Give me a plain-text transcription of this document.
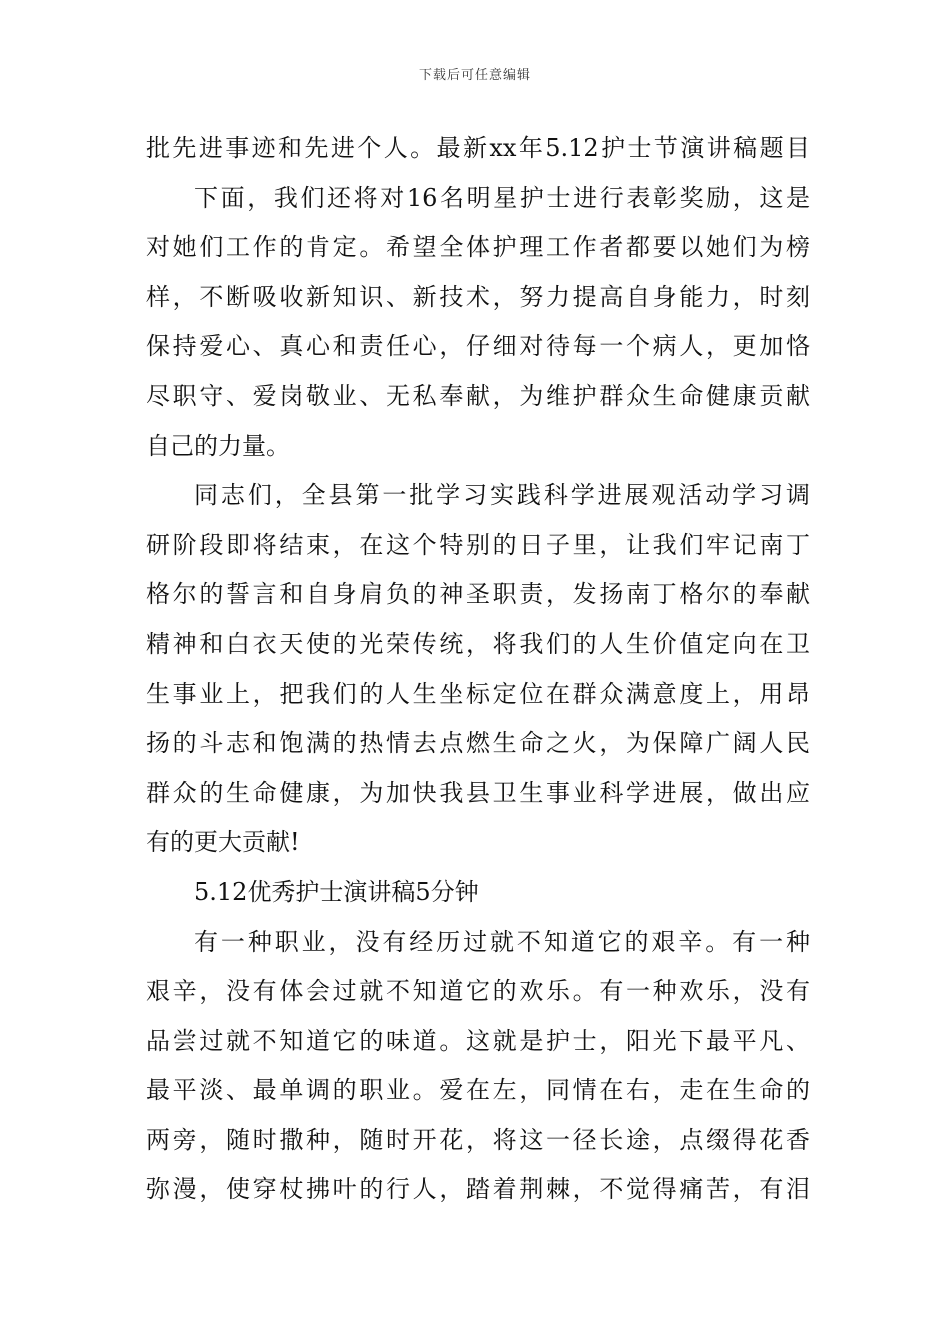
下载后可任意编辑
批先进事迹和先进个人。最新xx年5.12护士节演讲稿题目
下面，我们还将对16名明星护士进行表彰奖励，这是
对她们工作的肯定。希望全体护理工作者都要以她们为榜
样，不断吸收新知识、新技术，努力提高自身能力，时刻
保持爱心、真心和责任心，仔细对待每一个病人，更加恪
尽职守、爱岗敬业、无私奉献，为维护群众生命健康贡献
自己的力量。
同志们，全县第一批学习实践科学进展观活动学习调
研阶段即将结束，在这个特别的日子里，让我们牢记南丁
格尔的誓言和自身肩负的神圣职责，发扬南丁格尔的奉献
精神和白衣天使的光荣传统，将我们的人生价值定向在卫
生事业上，把我们的人生坐标定位在群众满意度上，用昂
扬的斗志和饱满的热情去点燃生命之火，为保障广阔人民
群众的生命健康，为加快我县卫生事业科学进展，做出应
有的更大贡献!
5.12优秀护士演讲稿5分钟
有一种职业，没有经历过就不知道它的艰辛。有一种
艰辛，没有体会过就不知道它的欢乐。有一种欢乐，没有
品尝过就不知道它的味道。这就是护士，阳光下最平凡、
最平淡、最单调的职业。爱在左，同情在右，走在生命的
两旁，随时撒种，随时开花，将这一径长途，点缀得花香
弥漫，使穿杖拂叶的行人，踏着荆棘，不觉得痛苦，有泪
